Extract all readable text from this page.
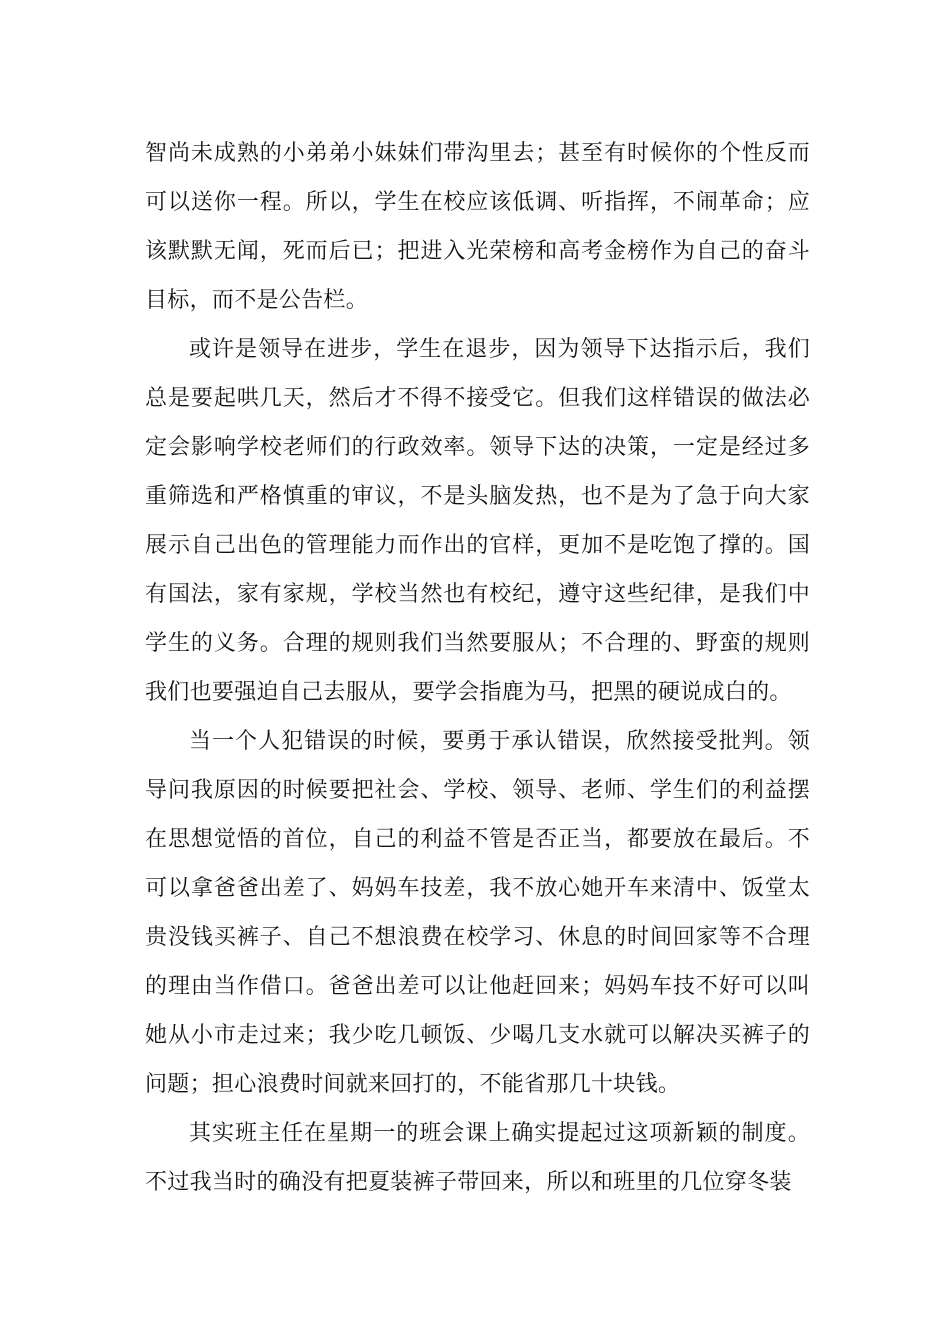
智尚未成熟的小弟弟小妹妹们带沟里去；甚至有时候你的个性反而可以送你一程。所以，学生在校应该低调、听指挥，不闹革命；应该默默无闻，死而后已；把进入光荣榜和高考金榜作为自己的奋斗目标，而不是公告栏。

或许是领导在进步，学生在退步，因为领导下达指示后，我们总是要起哄几天，然后才不得不接受它。但我们这样错误的做法必定会影响学校老师们的行政效率。领导下达的决策，一定是经过多重筛选和严格慎重的审议，不是头脑发热，也不是为了急于向大家展示自己出色的管理能力而作出的官样，更加不是吃饱了撑的。国有国法，家有家规，学校当然也有校纪，遵守这些纪律，是我们中学生的义务。合理的规则我们当然要服从；不合理的、野蛮的规则我们也要强迫自己去服从，要学会指鹿为马，把黑的硬说成白的。

当一个人犯错误的时候，要勇于承认错误，欣然接受批判。领导问我原因的时候要把社会、学校、领导、老师、学生们的利益摆在思想觉悟的首位，自己的利益不管是否正当，都要放在最后。不可以拿爸爸出差了、妈妈车技差，我不放心她开车来清中、饭堂太贵没钱买裤子、自己不想浪费在校学习、休息的时间回家等不合理的理由当作借口。爸爸出差可以让他赶回来；妈妈车技不好可以叫她从小市走过来；我少吃几顿饭、少喝几支水就可以解决买裤子的问题；担心浪费时间就来回打的，不能省那几十块钱。

其实班主任在星期一的班会课上确实提起过这项新颖的制度。不过我当时的确没有把夏装裤子带回来，所以和班里的几位穿冬装
